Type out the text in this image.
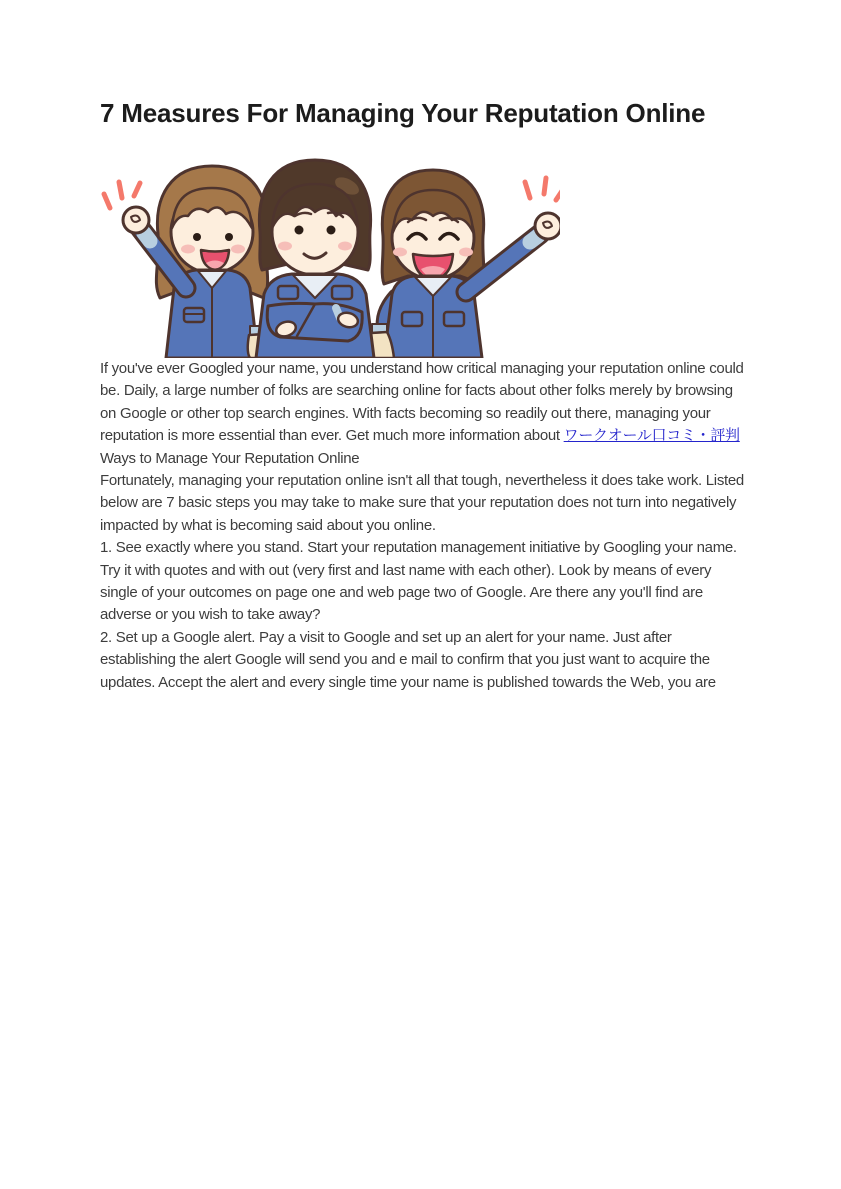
7 Measures For Managing Your Reputation Online

If you've ever Googled your name, you understand how critical managing your reputation online could be. Daily, a large number of folks are searching online for facts about other folks merely by browsing on Google or other top search engines. With facts becoming so readily out there, managing your reputation is more essential than ever. Get much more information about ワークオール口コミ・評判

Ways to Manage Your Reputation Online

Fortunately, managing your reputation online isn't all that tough, nevertheless it does take work. Listed below are 7 basic steps you may take to make sure that your reputation does not turn into negatively impacted by what is becoming said about you online.

1. See exactly where you stand. Start your reputation management initiative by Googling your name. Try it with quotes and with out (very first and last name with each other). Look by means of every single of your outcomes on page one and web page two of Google. Are there any you'll find are adverse or you wish to take away?

2. Set up a Google alert. Pay a visit to Google and set up an alert for your name. Just after establishing the alert Google will send you and e mail to confirm that you just want to acquire the updates. Accept the alert and every single time your name is published towards the Web, you are
